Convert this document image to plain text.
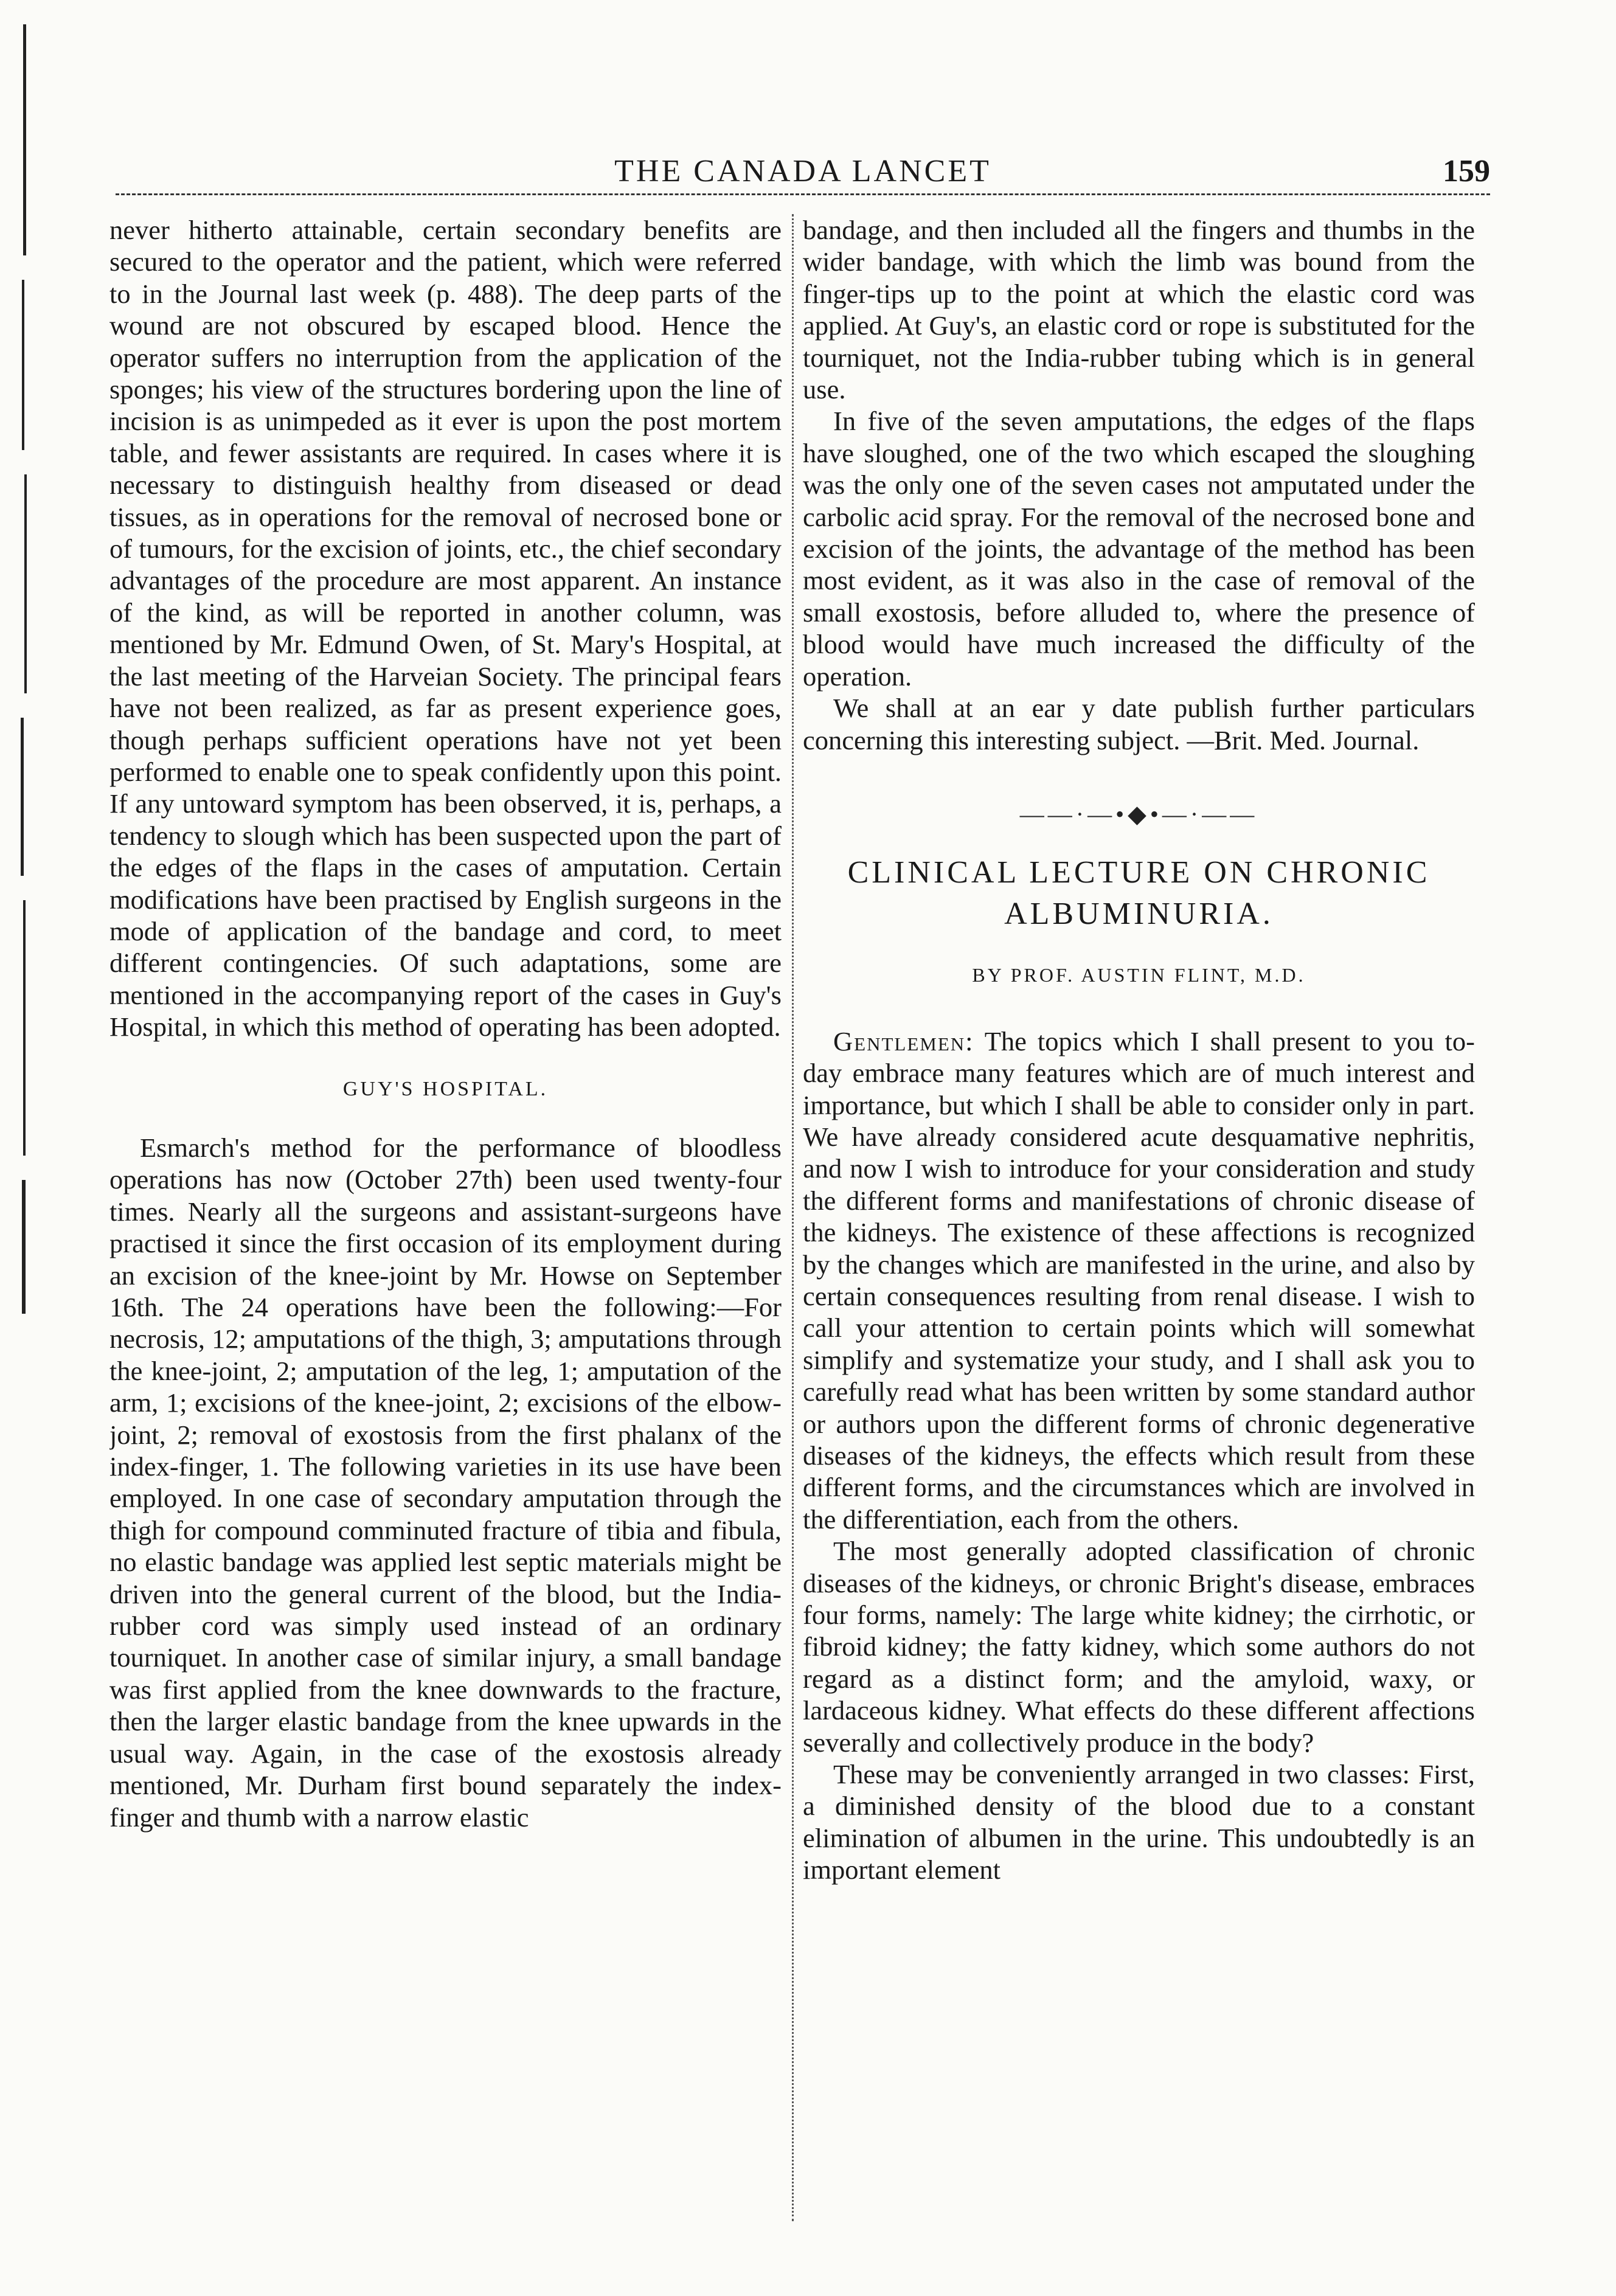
THE CANADA LANCET	159

never hitherto attainable, certain secondary benefits are secured to the operator and the patient, which were referred to in the Journal last week (p. 488). The deep parts of the wound are not obscured by escaped blood. Hence the operator suffers no interruption from the application of the sponges; his view of the structures bordering upon the line of incision is as unimpeded as it ever is upon the post mortem table, and fewer assistants are required. In cases where it is necessary to distinguish healthy from diseased or dead tissues, as in operations for the removal of necrosed bone or of tumours, for the excision of joints, etc., the chief secondary advantages of the procedure are most apparent. An instance of the kind, as will be reported in another column, was mentioned by Mr. Edmund Owen, of St. Mary's Hospital, at the last meeting of the Harveian Society. The principal fears have not been realized, as far as present experience goes, though perhaps sufficient operations have not yet been performed to enable one to speak confidently upon this point. If any untoward symptom has been observed, it is, perhaps, a tendency to slough which has been suspected upon the part of the edges of the flaps in the cases of amputation. Certain modifications have been practised by English surgeons in the mode of application of the bandage and cord, to meet different contingencies. Of such adaptations, some are mentioned in the accompanying report of the cases in Guy's Hospital, in which this method of operating has been adopted.

GUY'S HOSPITAL.

Esmarch's method for the performance of bloodless operations has now (October 27th) been used twenty-four times. Nearly all the surgeons and assistant-surgeons have practised it since the first occasion of its employment during an excision of the knee-joint by Mr. Howse on September 16th. The 24 operations have been the following:—For necrosis, 12; amputations of the thigh, 3; amputations through the knee-joint, 2; amputation of the leg, 1; amputation of the arm, 1; excisions of the knee-joint, 2; excisions of the elbow-joint, 2; removal of exostosis from the first phalanx of the index-finger, 1. The following varieties in its use have been employed. In one case of secondary amputation through the thigh for compound comminuted fracture of tibia and fibula, no elastic bandage was applied lest septic materials might be driven into the general current of the blood, but the India-rubber cord was simply used instead of an ordinary tourniquet. In another case of similar injury, a small bandage was first applied from the knee downwards to the fracture, then the larger elastic bandage from the knee upwards in the usual way. Again, in the case of the exostosis already mentioned, Mr. Durham first bound separately the index-finger and thumb with a narrow elastic

bandage, and then included all the fingers and thumbs in the wider bandage, with which the limb was bound from the finger-tips up to the point at which the elastic cord was applied. At Guy's, an elastic cord or rope is substituted for the tourniquet, not the India-rubber tubing which is in general use.

In five of the seven amputations, the edges of the flaps have sloughed, one of the two which escaped the sloughing was the only one of the seven cases not amputated under the carbolic acid spray. For the removal of the necrosed bone and excision of the joints, the advantage of the method has been most evident, as it was also in the case of removal of the small exostosis, before alluded to, where the presence of blood would have much increased the difficulty of the operation.

We shall at an ear y date publish further particulars concerning this interesting subject. —Brit. Med. Journal.

——·—•◆•—·——
CLINICAL LECTURE ON CHRONIC ALBUMINURIA.
BY PROF. AUSTIN FLINT, M.D.

Gentlemen: The topics which I shall present to you to-day embrace many features which are of much interest and importance, but which I shall be able to consider only in part. We have already considered acute desquamative nephritis, and now I wish to introduce for your consideration and study the different forms and manifestations of chronic disease of the kidneys. The existence of these affections is recognized by the changes which are manifested in the urine, and also by certain consequences resulting from renal disease. I wish to call your attention to certain points which will somewhat simplify and systematize your study, and I shall ask you to carefully read what has been written by some standard author or authors upon the different forms of chronic degenerative diseases of the kidneys, the effects which result from these different forms, and the circumstances which are involved in the differentiation, each from the others.

The most generally adopted classification of chronic diseases of the kidneys, or chronic Bright's disease, embraces four forms, namely: The large white kidney; the cirrhotic, or fibroid kidney; the fatty kidney, which some authors do not regard as a distinct form; and the amyloid, waxy, or lardaceous kidney. What effects do these different affections severally and collectively produce in the body?

These may be conveniently arranged in two classes: First, a diminished density of the blood due to a constant elimination of albumen in the urine. This undoubtedly is an important element
